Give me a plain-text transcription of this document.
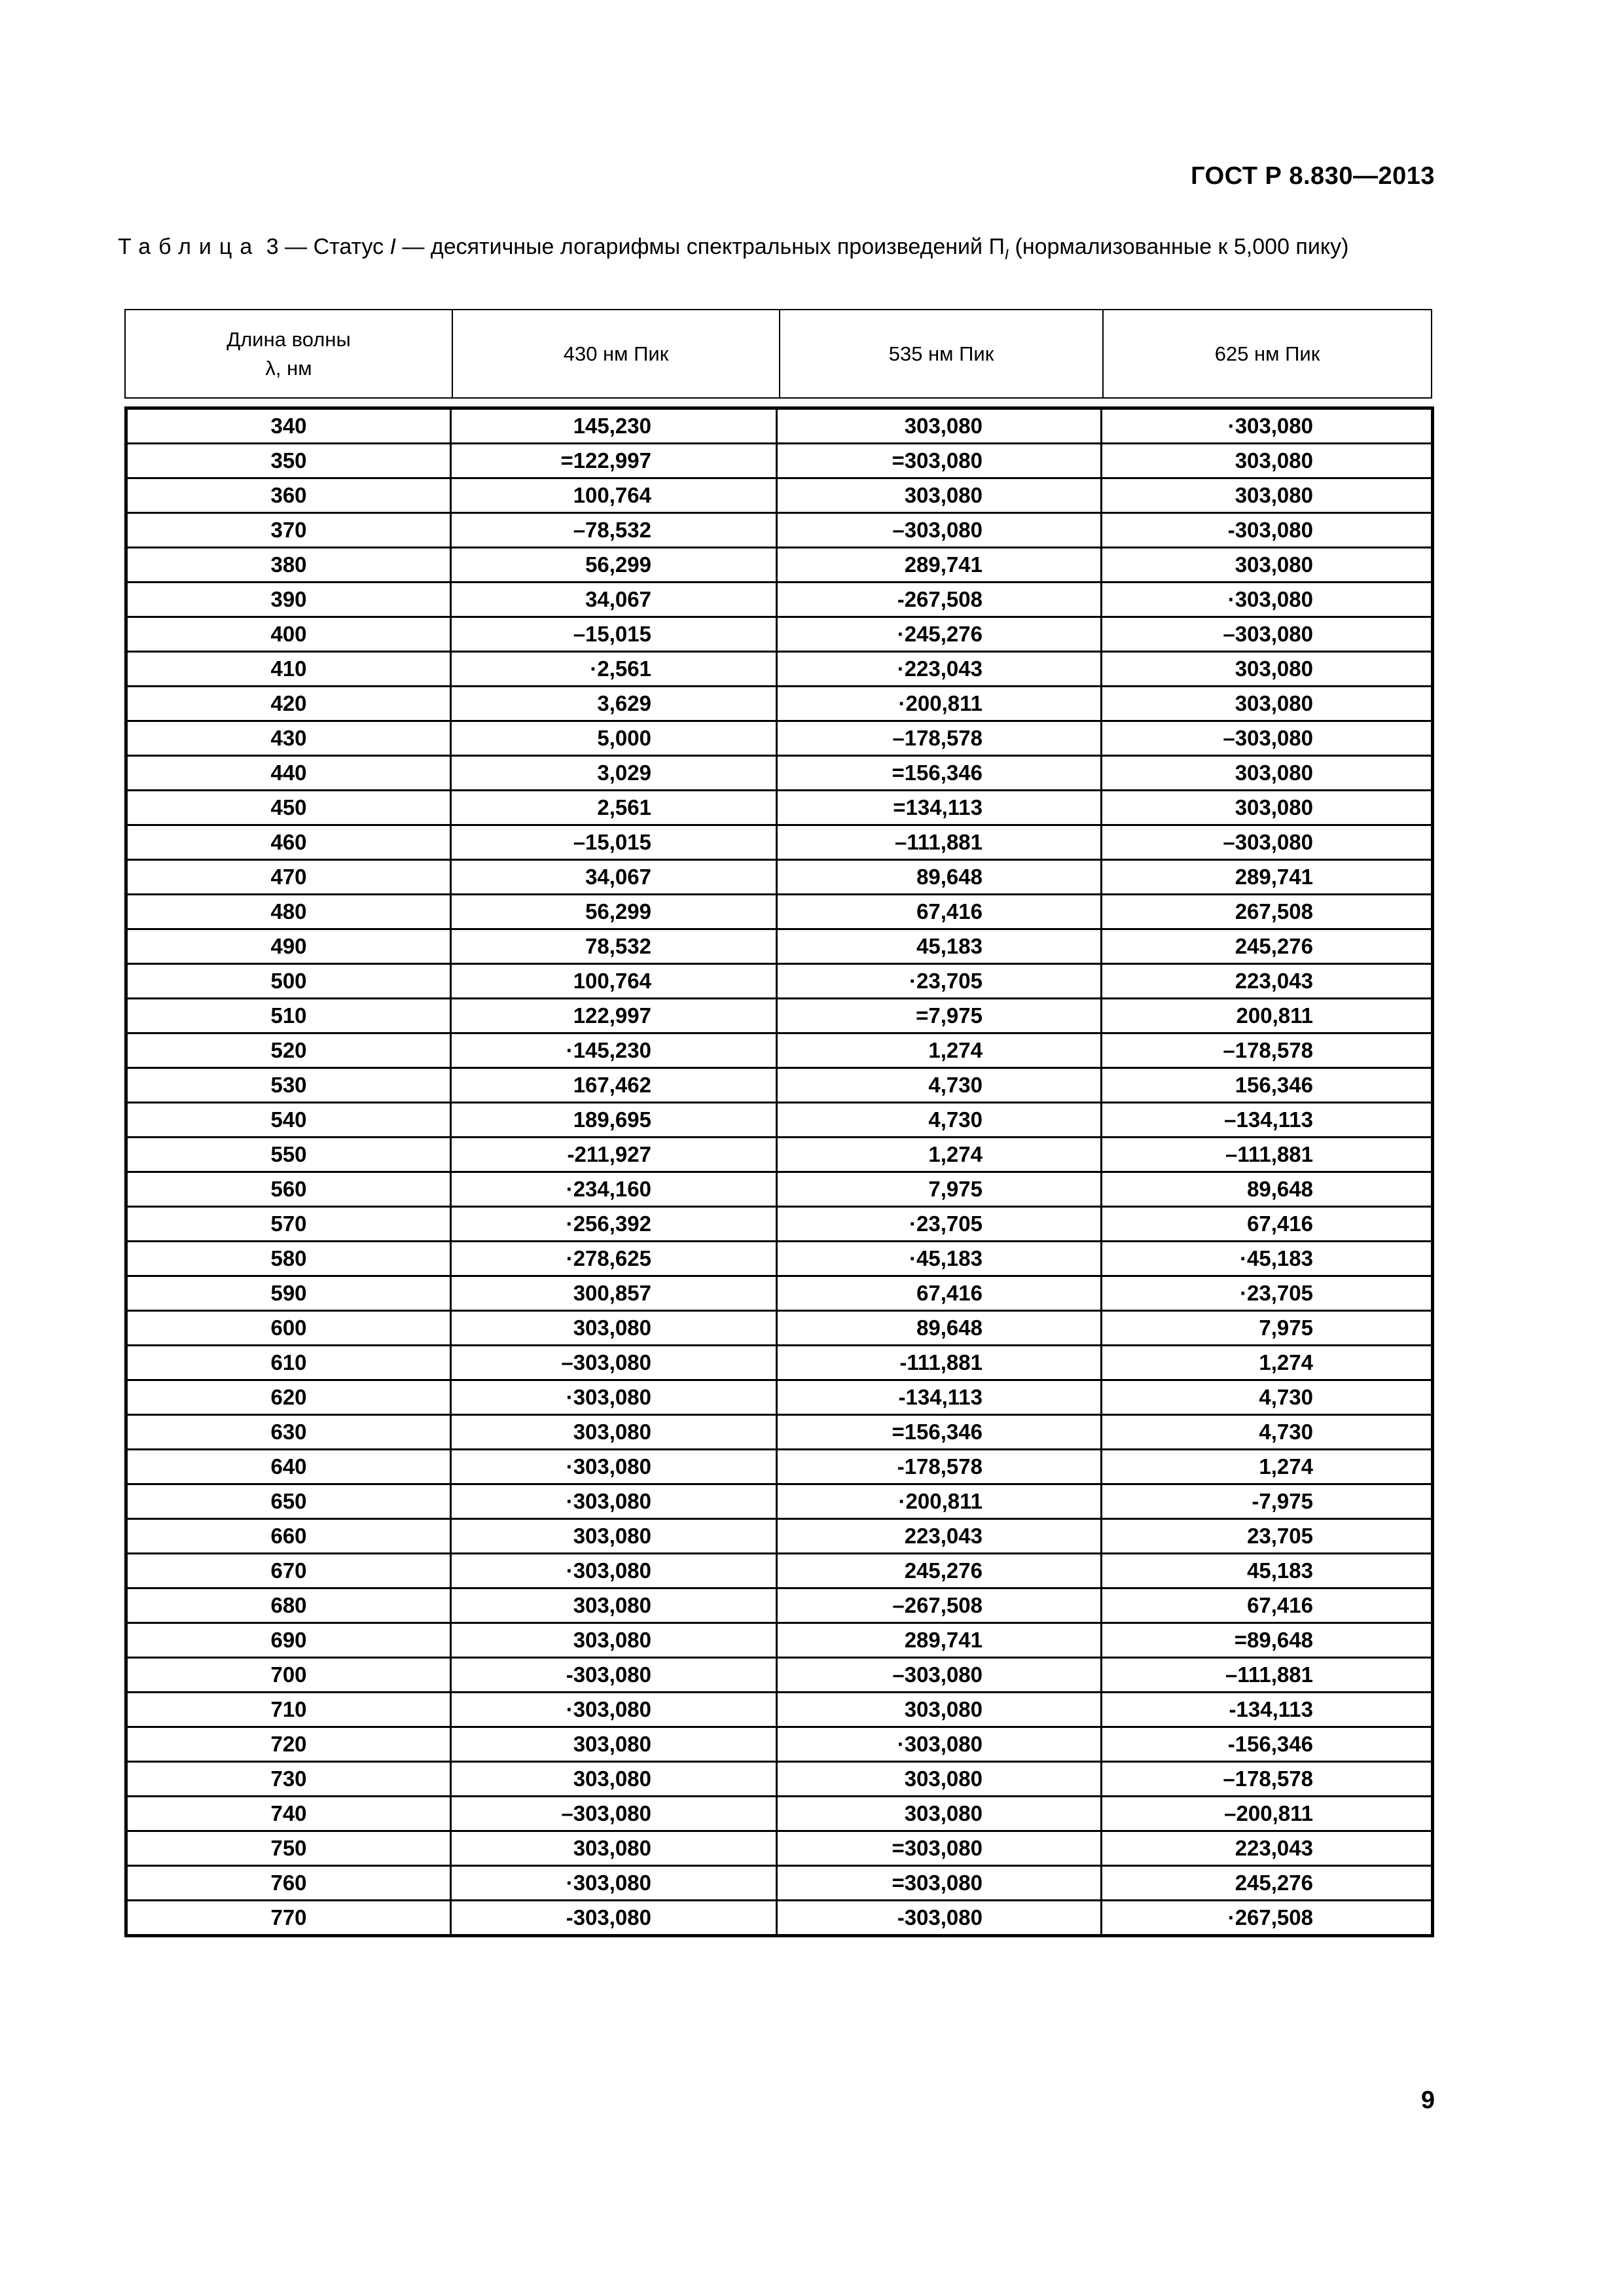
ГОСТ Р 8.830—2013
Таблица 3 — Статус I — десятичные логарифмы спектральных произведений $П_I$ (нормализованные к 5,000 пику)
Длина волны
λ, нм
	430 нм Пик	535 нм Пик	625 нм Пик
340	145,230	303,080	·303,080
350	=122,997	=303,080	303,080
360	100,764	303,080	303,080
370	–78,532	–303,080	-303,080
380	56,299	289,741	303,080
390	34,067	-267,508	·303,080
400	–15,015	·245,276	–303,080
410	·2,561	·223,043	303,080
420	3,629	·200,811	303,080
430	5,000	–178,578	–303,080
440	3,029	=156,346	303,080
450	2,561	=134,113	303,080
460	–15,015	–111,881	–303,080
470	34,067	89,648	289,741
480	56,299	67,416	267,508
490	78,532	45,183	245,276
500	100,764	·23,705	223,043
510	122,997	=7,975	200,811
520	·145,230	1,274	–178,578
530	167,462	4,730	156,346
540	189,695	4,730	–134,113
550	-211,927	1,274	–111,881
560	·234,160	7,975	89,648
570	·256,392	·23,705	67,416
580	·278,625	·45,183	·45,183
590	300,857	67,416	·23,705
600	303,080	89,648	7,975
610	–303,080	-111,881	1,274
620	·303,080	-134,113	4,730
630	303,080	=156,346	4,730
640	·303,080	-178,578	1,274
650	·303,080	·200,811	-7,975
660	303,080	223,043	23,705
670	·303,080	245,276	45,183
680	303,080	–267,508	67,416
690	303,080	289,741	=89,648
700	-303,080	–303,080	–111,881
710	·303,080	303,080	-134,113
720	303,080	·303,080	-156,346
730	303,080	303,080	–178,578
740	–303,080	303,080	–200,811
750	303,080	=303,080	223,043
760	·303,080	=303,080	245,276
770	-303,080	-303,080	·267,508
9
